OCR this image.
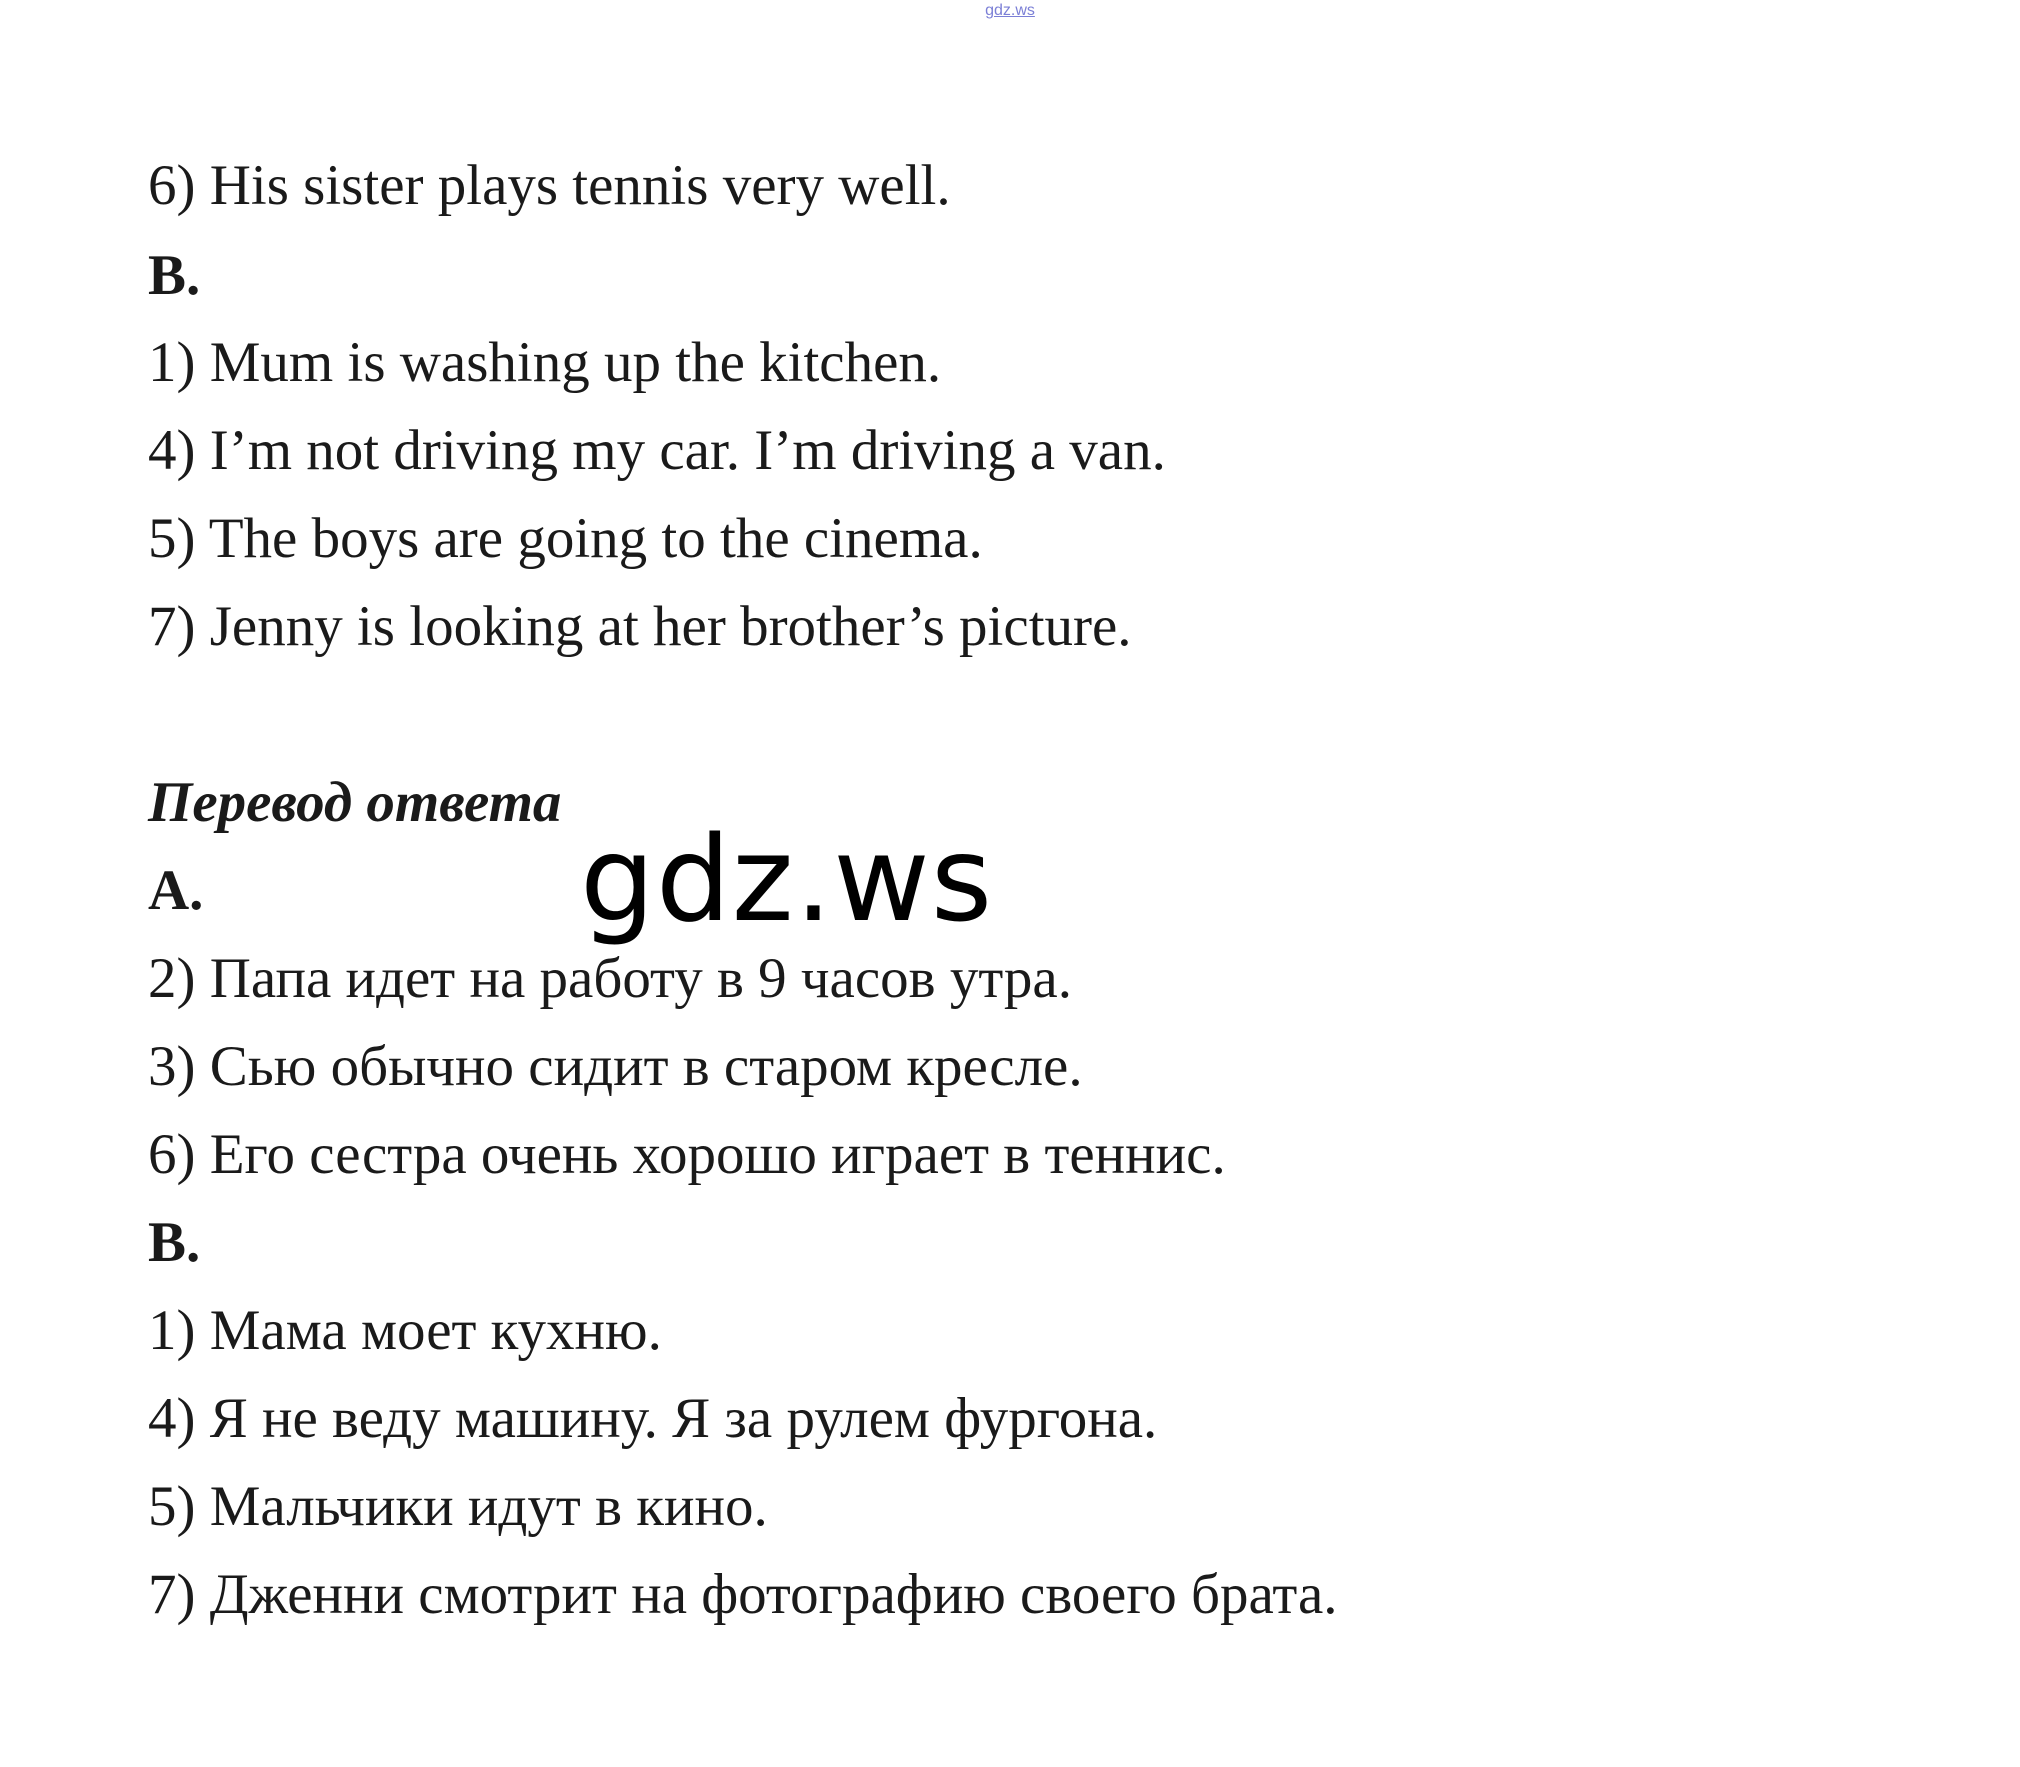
gdz.ws
6) His sister plays tennis very well.
B.
1) Mum is washing up the kitchen.
4) I’m not driving my car. I’m driving a van.
5) The boys are going to the cinema.
7) Jenny is looking at her brother’s picture.
Перевод ответа
A.
2) Папа идет на работу в 9 часов утра.
3) Сью обычно сидит в старом кресле.
6) Его сестра очень хорошо играет в теннис.
B.
1) Мама моет кухню.
4) Я не веду машину. Я за рулем фургона.
5) Мальчики идут в кино.
7) Дженни смотрит на фотографию своего брата.
gdz.ws
